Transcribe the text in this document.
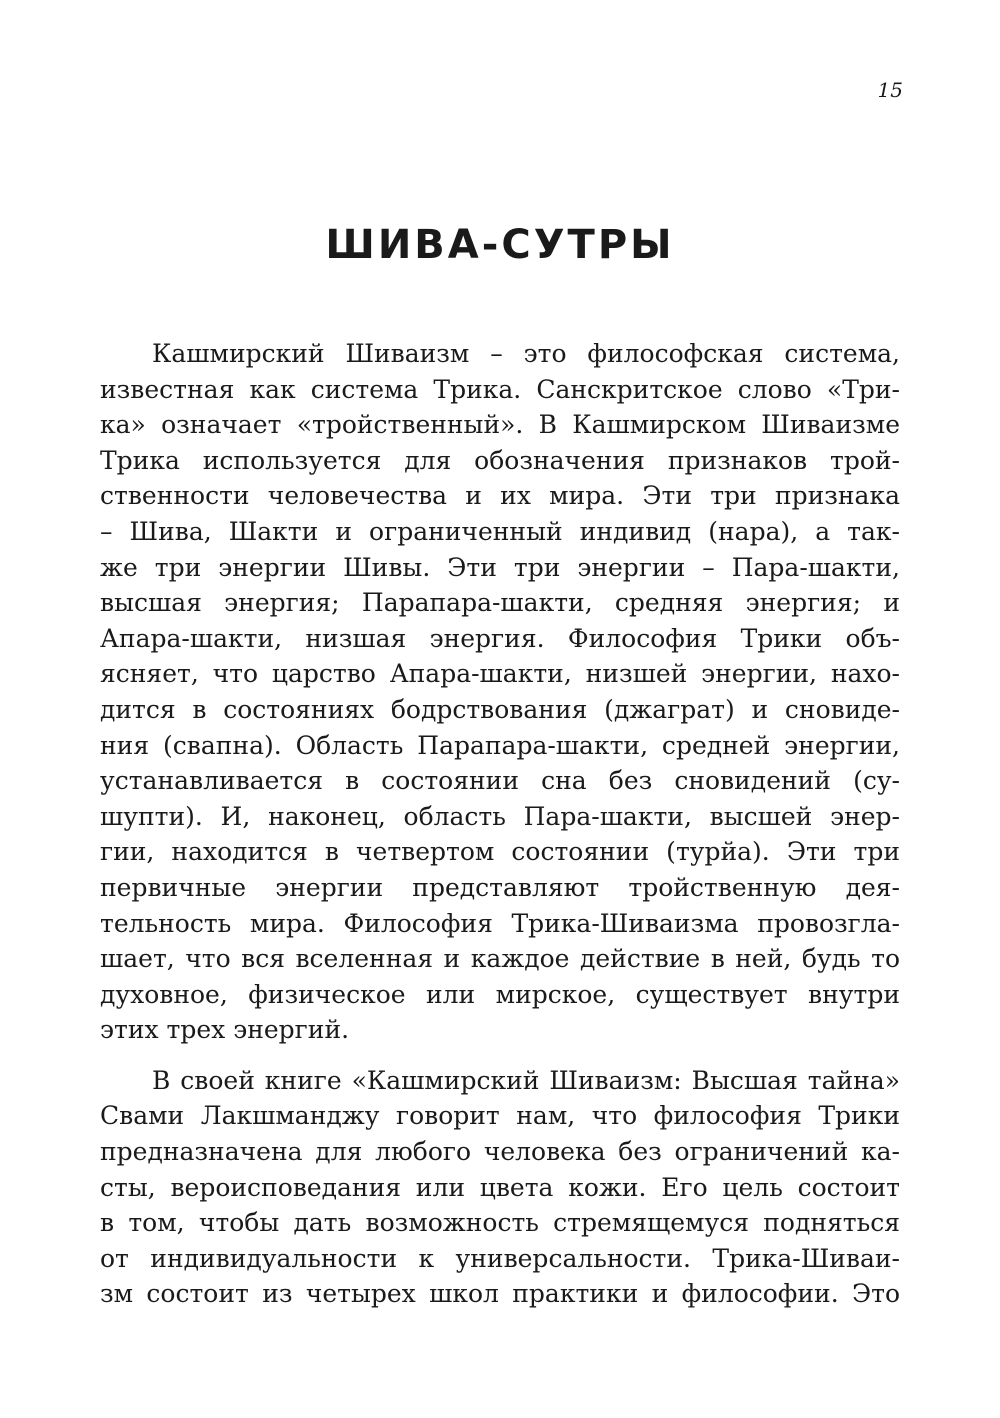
15
ШИВА-СУТРЫ
Кашмирский Шиваизм – это философская система,
известная как система Трика. Санскритское слово «Три-
ка» означает «тройственный». В Кашмирском Шиваизме
Трика используется для обозначения признаков трой-
ственности человечества и их мира. Эти три признака
– Шива, Шакти и ограниченный индивид (нара), а так-
же три энергии Шивы. Эти три энергии – Пара-шакти,
высшая энергия; Парапара-шакти, средняя энергия; и
Апара-шакти, низшая энергия. Философия Трики объ-
ясняет, что царство Апара-шакти, низшей энергии, нахо-
дится в состояниях бодрствования (джаграт) и сновиде-
ния (свапна). Область Парапара-шакти, средней энергии,
устанавливается в состоянии сна без сновидений (су-
шупти). И, наконец, область Пара-шакти, высшей энер-
гии, находится в четвертом состоянии (турйа). Эти три
первичные энергии представляют тройственную дея-
тельность мира. Философия Трика-Шиваизма провозгла-
шает, что вся вселенная и каждое действие в ней, будь то
духовное, физическое или мирское, существует внутри
этих трех энергий.
В своей книге «Кашмирский Шиваизм: Высшая тайна»
Свами Лакшманджу говорит нам, что философия Трики
предназначена для любого человека без ограничений ка-
сты, вероисповедания или цвета кожи. Его цель состоит
в том, чтобы дать возможность стремящемуся подняться
от индивидуальности к универсальности. Трика-Шиваи-
зм состоит из четырех школ практики и философии. Это
